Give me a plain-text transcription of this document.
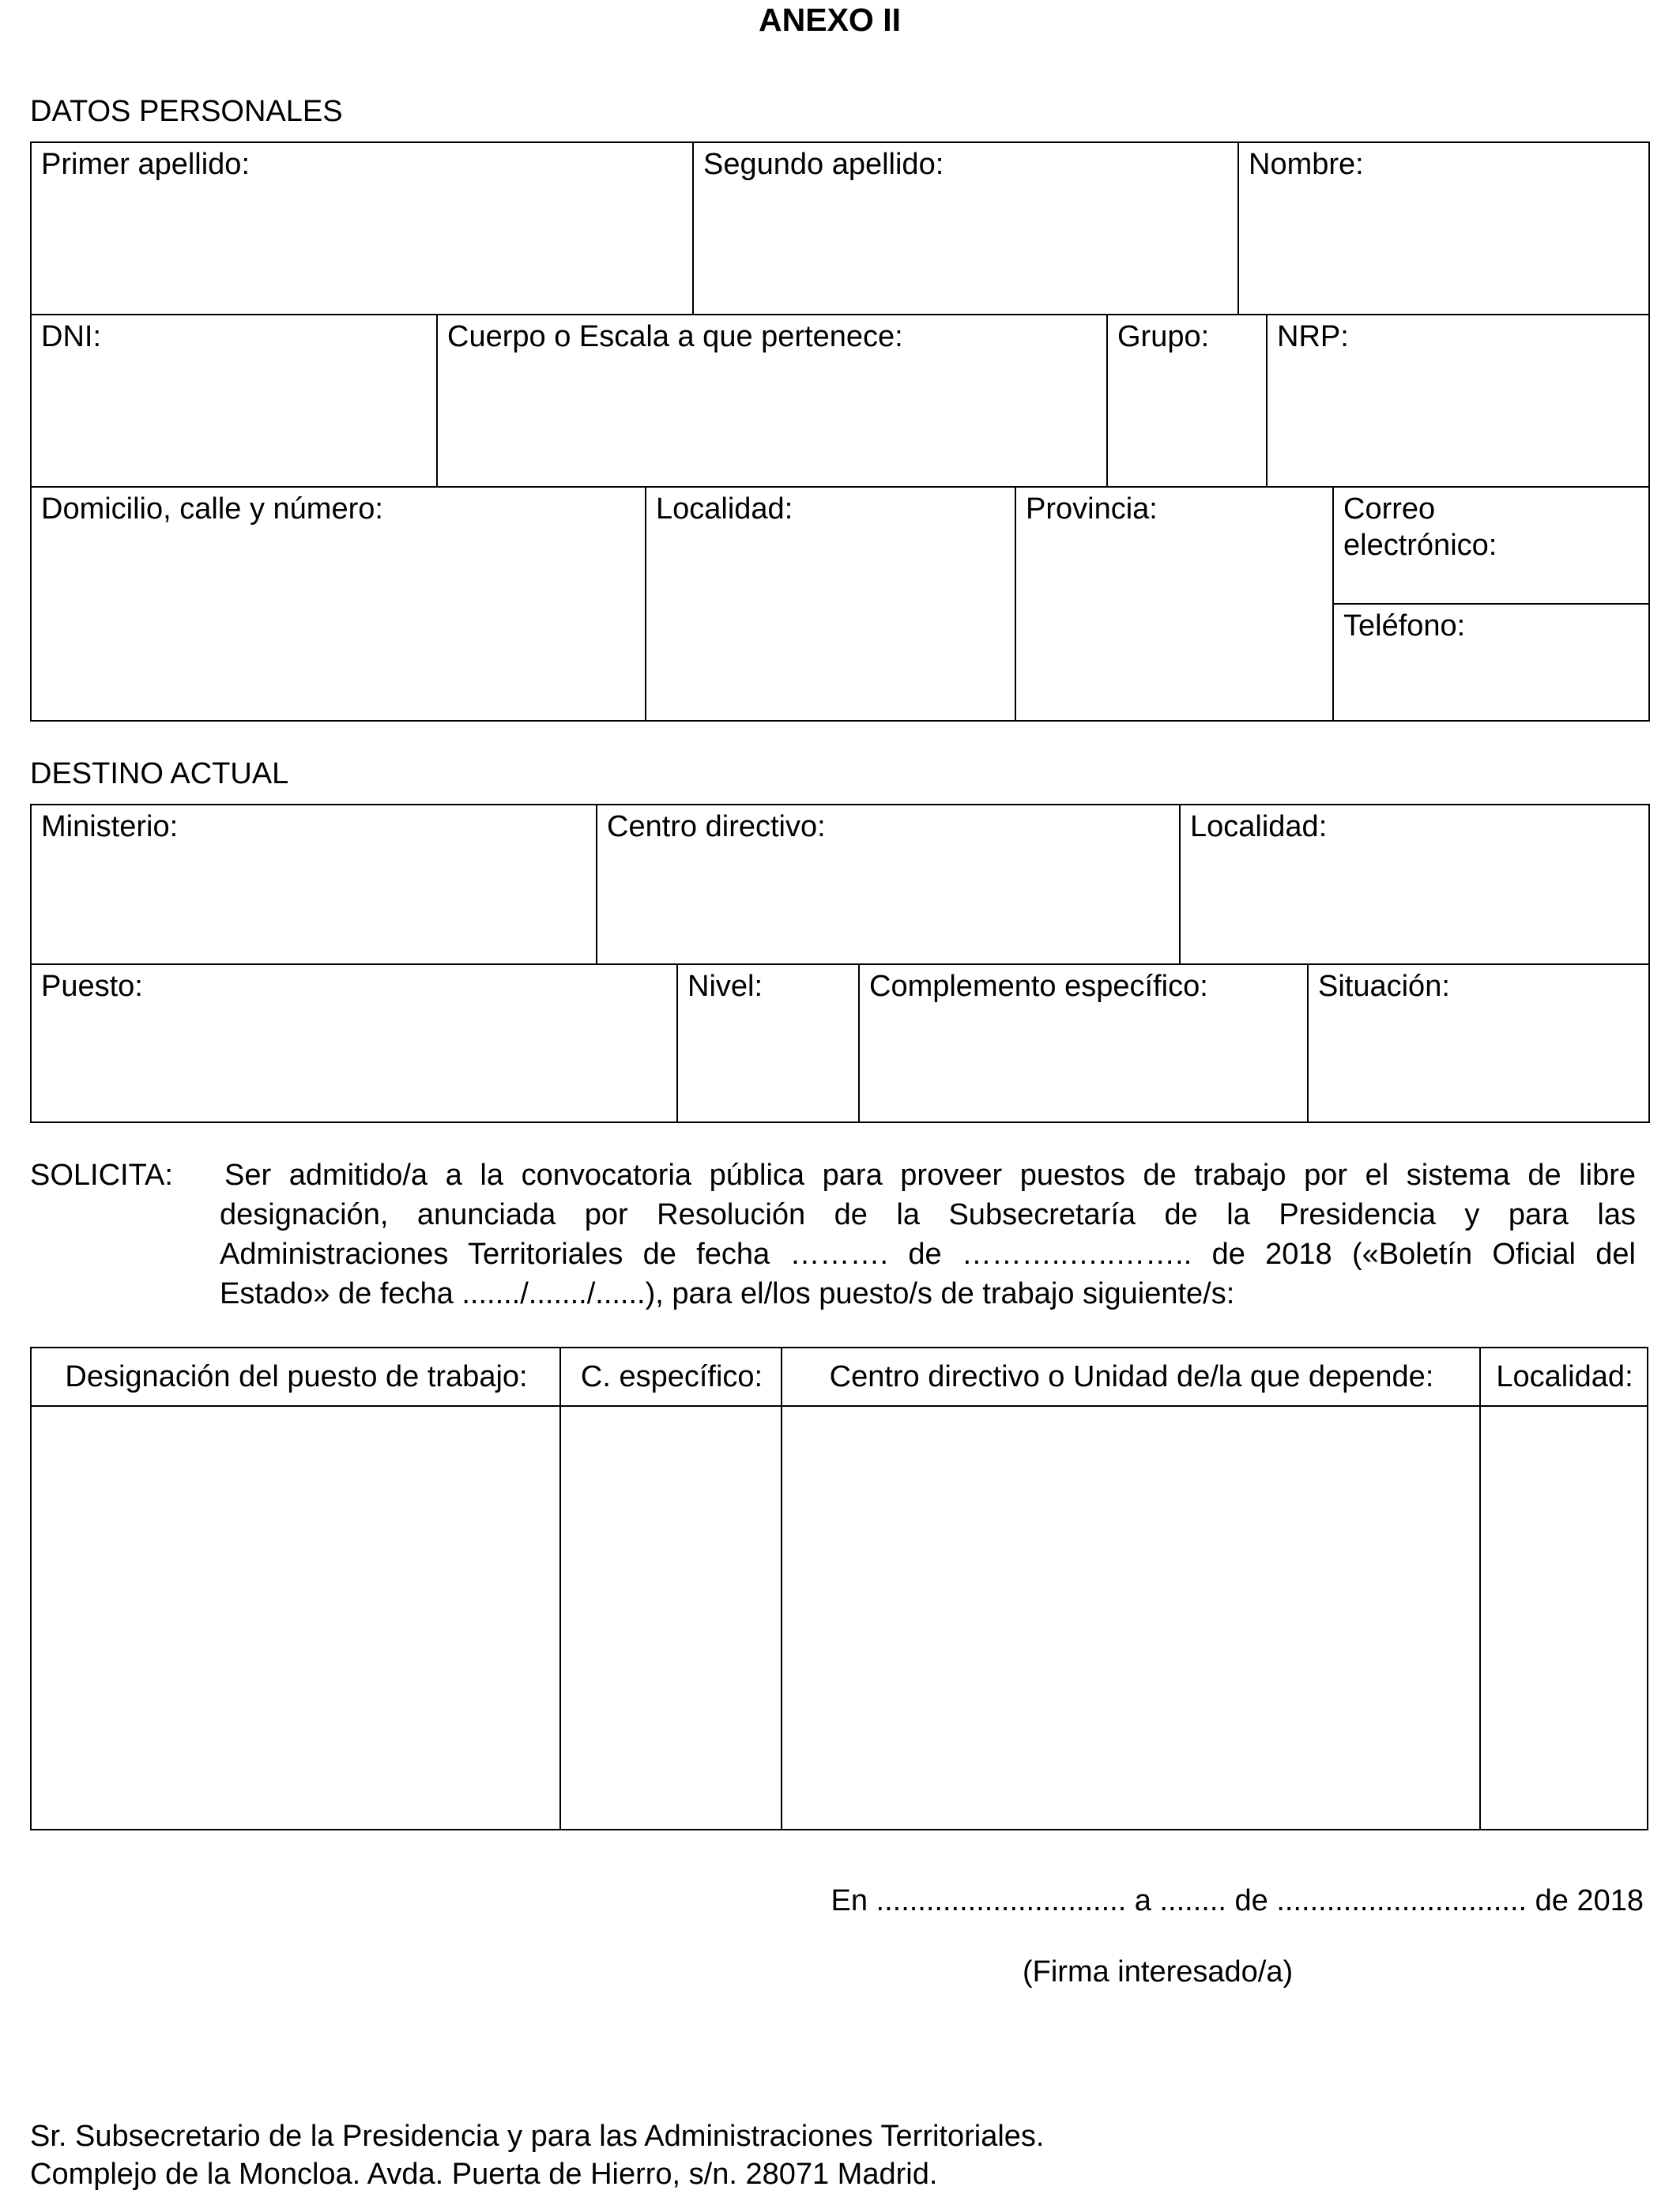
ANEXO II
DATOS PERSONALES
Primer apellido:	Segundo apellido:	Nombre:
DNI:	Cuerpo o Escala a que pertenece:	Grupo:	NRP:
Domicilio, calle y número:	Localidad:	Provincia:	Correo
electrónico:
Teléfono:
DESTINO ACTUAL
Ministerio:	Centro directivo:	Localidad:
Puesto:	Nivel:	Complemento específico:	Situación:
SOLICITA:	Ser admitido/a a la convocatoria pública para proveer puestos de trabajo por el sistema de libre
designación, anunciada por Resolución de la Subsecretaría de la Presidencia y para las
Administraciones Territoriales de fecha ………. de ………..…..…….. de 2018 («Boletín Oficial del
Estado» de fecha ......./......./......), para el/los puesto/s de trabajo siguiente/s:
Designación del puesto de trabajo:	C. específico:	Centro directivo o Unidad de/la que depende:	Localidad:
En .............................. a ........ de .............................. de 2018
(Firma interesado/a)
Sr. Subsecretario de la Presidencia y para las Administraciones Territoriales.
Complejo de la Moncloa. Avda. Puerta de Hierro, s/n. 28071 Madrid.
